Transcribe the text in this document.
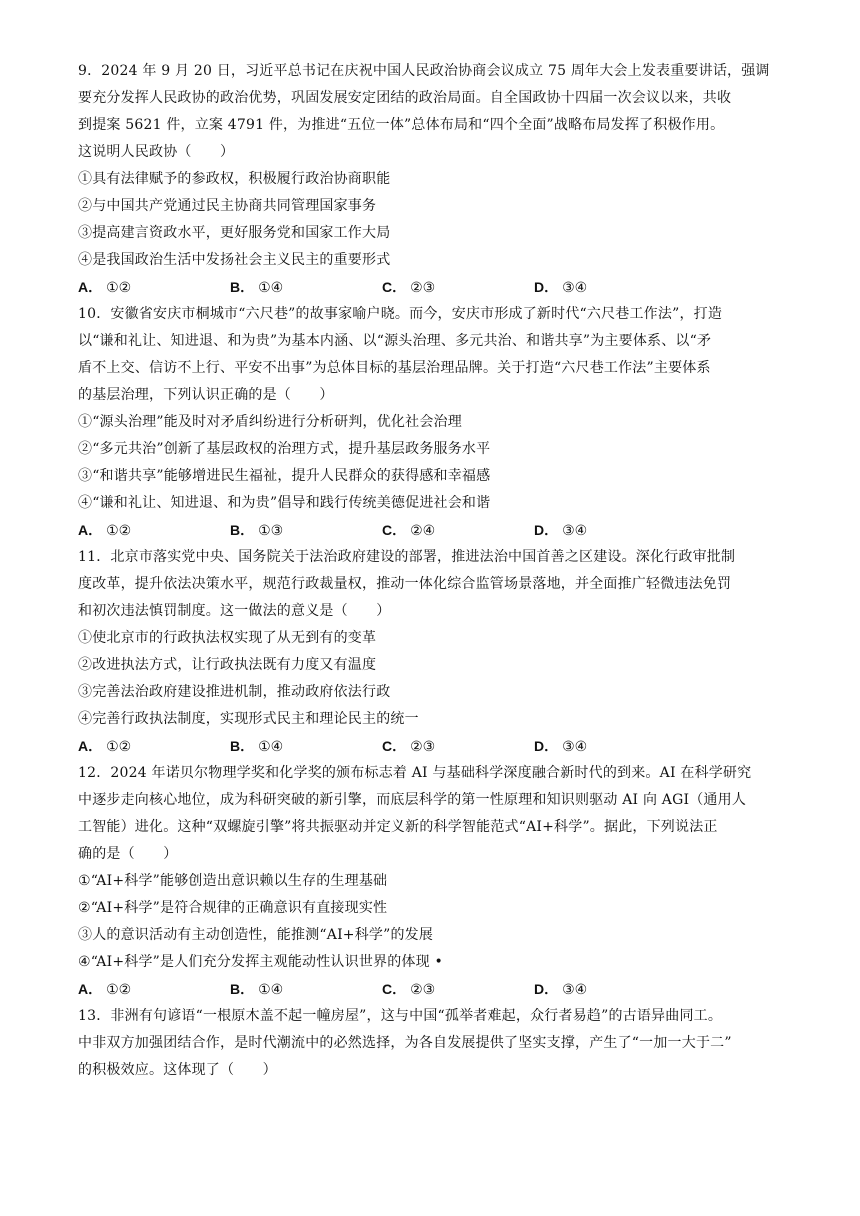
9．2024 年 9 月 20 日，习近平总书记在庆祝中国人民政治协商会议成立 75 周年大会上发表重要讲话，强调
要充分发挥人民政协的政治优势，巩固发展安定团结的政治局面。自全国政协十四届一次会议以来，共收
到提案 5621 件，立案 4791 件，为推进“五位一体”总体布局和“四个全面”战略布局发挥了积极作用。
这说明人民政协（　　）
①具有法律赋予的参政权，积极履行政治协商职能
②与中国共产党通过民主协商共同管理国家事务
③提高建言资政水平，更好服务党和国家工作大局
④是我国政治生活中发扬社会主义民主的重要形式
A． ①②	B． ①④	C． ②③	D． ③④
10．安徽省安庆市桐城市“六尺巷”的故事家喻户晓。而今，安庆市形成了新时代“六尺巷工作法”，打造
以“谦和礼让、知进退、和为贵”为基本内涵、以“源头治理、多元共治、和谐共享”为主要体系、以“矛
盾不上交、信访不上行、平安不出事”为总体目标的基层治理品牌。关于打造“六尺巷工作法”主要体系
的基层治理，下列认识正确的是（　　）
①“源头治理”能及时对矛盾纠纷进行分析研判，优化社会治理
②“多元共治”创新了基层政权的治理方式，提升基层政务服务水平
③“和谐共享”能够增进民生福祉，提升人民群众的获得感和幸福感
④“谦和礼让、知进退、和为贵”倡导和践行传统美德促进社会和谐
A． ①②	B． ①③	C． ②④	D． ③④
11．北京市落实党中央、国务院关于法治政府建设的部署，推进法治中国首善之区建设。深化行政审批制
度改革，提升依法决策水平，规范行政裁量权，推动一体化综合监管场景落地，并全面推广轻微违法免罚
和初次违法慎罚制度。这一做法的意义是（　　）
①使北京市的行政执法权实现了从无到有的变革
②改进执法方式，让行政执法既有力度又有温度
③完善法治政府建设推进机制，推动政府依法行政
④完善行政执法制度，实现形式民主和理论民主的统一
A． ①②	B． ①④	C． ②③	D． ③④
12．2024 年诺贝尔物理学奖和化学奖的颁布标志着 AI 与基础科学深度融合新时代的到来。AI 在科学研究
中逐步走向核心地位，成为科研突破的新引擎，而底层科学的第一性原理和知识则驱动 AI 向 AGI（通用人
工智能）进化。这种“双螺旋引擎”将共振驱动并定义新的科学智能范式“AI+科学”。据此，下列说法正
确的是（　　）
①“AI+科学”能够创造出意识赖以生存的生理基础
②“AI+科学”是符合规律的正确意识有直接现实性
③人的意识活动有主动创造性，能推测“AI+科学”的发展
④“AI+科学”是人们充分发挥主观能动性认识世界的体现 •
A． ①②	B． ①④	C． ②③	D． ③④
13．非洲有句谚语“一根原木盖不起一幢房屋”，这与中国“孤举者难起，众行者易趋”的古语异曲同工。
中非双方加强团结合作，是时代潮流中的必然选择，为各自发展提供了坚实支撑，产生了“一加一大于二”
的积极效应。这体现了（　　）
